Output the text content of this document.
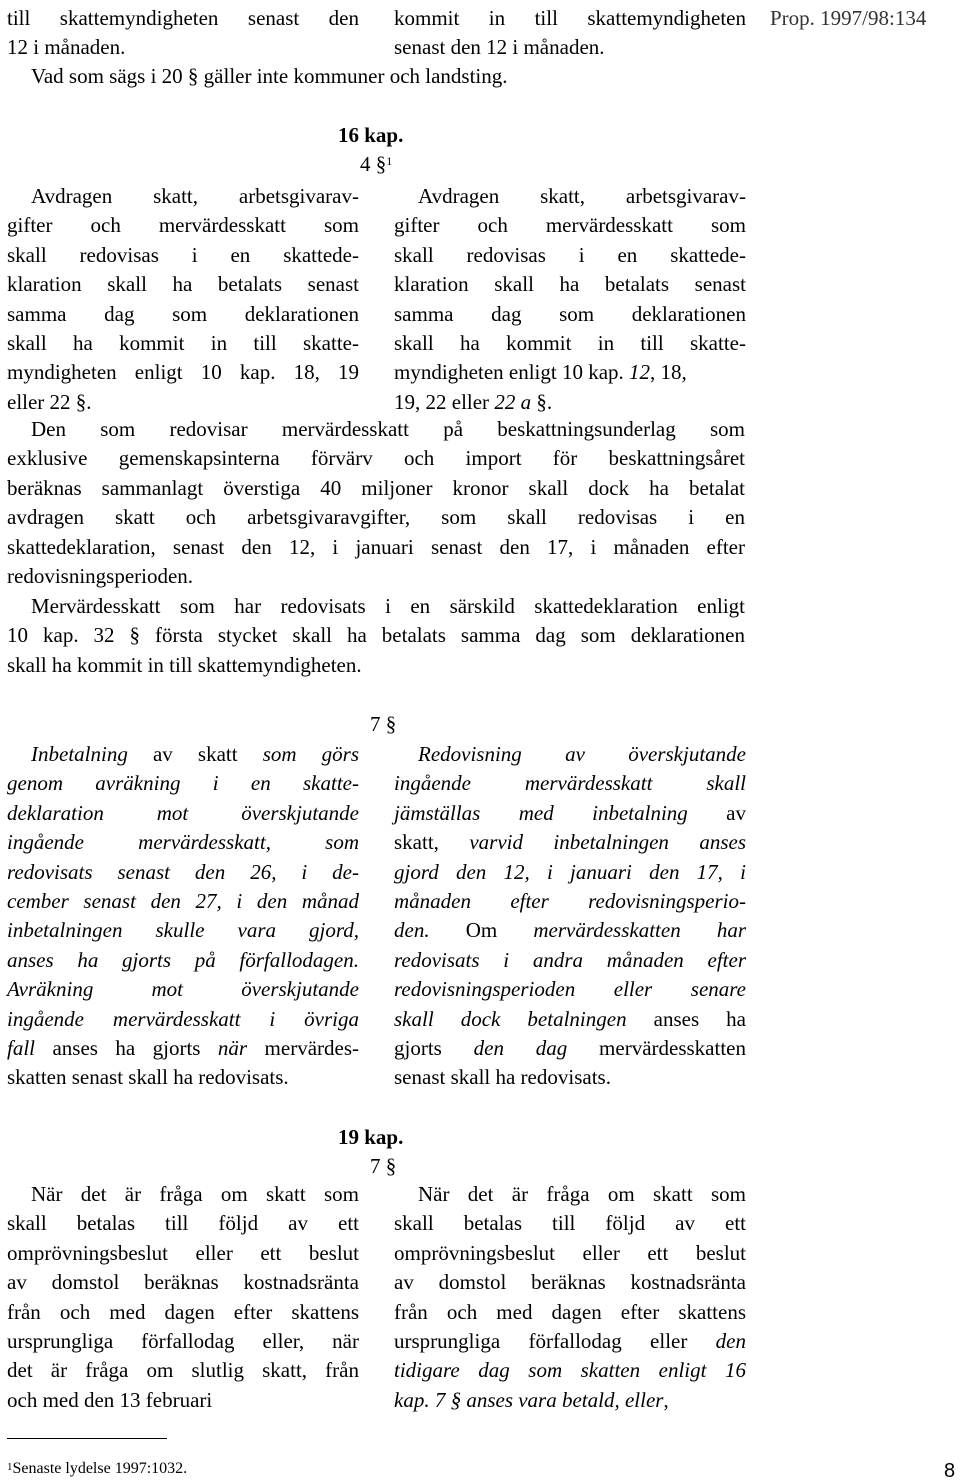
till skattemyndigheten senast den
12 i månaden.
kommit in till skattemyndigheten
senast den 12 i månaden.
Vad som sägs i 20 § gäller inte kommuner och landsting.
Prop. 1997/98:134
16 kap.
4 §$^1$
Avdragen skatt, arbetsgivarav-
gifter och mervärdesskatt som
skall redovisas i en skattede-
klaration skall ha betalats senast
samma dag som deklarationen
skall ha kommit in till skatte-
myndigheten enligt 10 kap. 18, 19
eller 22 §.
Avdragen skatt, arbetsgivarav-
gifter och mervärdesskatt som
skall redovisas i en skattede-
klaration skall ha betalats senast
samma dag som deklarationen
skall ha kommit in till skatte-
myndigheten enligt 10 kap. 12, 18,
19, 22 eller 22 a §.
Den som redovisar mervärdesskatt på beskattningsunderlag som
exklusive gemenskapsinterna förvärv och import för beskattningsåret
beräknas sammanlagt överstiga 40 miljoner kronor skall dock ha betalat
avdragen skatt och arbetsgivaravgifter, som skall redovisas i en
skattedeklaration, senast den 12, i januari senast den 17, i månaden efter
redovisningsperioden.
Mervärdesskatt som har redovisats i en särskild skattedeklaration enligt
10 kap. 32 § första stycket skall ha betalats samma dag som deklarationen
skall ha kommit in till skattemyndigheten.
7 §
Inbetalning av skatt som görs
genom avräkning i en skatte-
deklaration mot överskjutande
ingående mervärdesskatt, som
redovisats senast den 26, i de-
cember senast den 27, i den månad
inbetalningen skulle vara gjord,
anses ha gjorts på förfallodagen.
Avräkning mot överskjutande
ingående mervärdesskatt i övriga
fall anses ha gjorts när mervärdes-
skatten senast skall ha redovisats.
Redovisning av överskjutande
ingående mervärdesskatt skall
jämställas med inbetalning av
skatt, varvid inbetalningen anses
gjord den 12, i januari den 17, i
månaden efter redovisningsperio-
den. Om mervärdesskatten har
redovisats i andra månaden efter
redovisningsperioden eller senare
skall dock betalningen anses ha
gjorts den dag mervärdesskatten
senast skall ha redovisats.
19 kap.
7 §
När det är fråga om skatt som
skall betalas till följd av ett
omprövningsbeslut eller ett beslut
av domstol beräknas kostnadsränta
från och med dagen efter skattens
ursprungliga förfallodag eller, när
det är fråga om slutlig skatt, från
och med den 13 februari
När det är fråga om skatt som
skall betalas till följd av ett
omprövningsbeslut eller ett beslut
av domstol beräknas kostnadsränta
från och med dagen efter skattens
ursprungliga förfallodag eller den
tidigare dag som skatten enligt 16
kap. 7 § anses vara betald, eller,
$^1$Senaste lydelse 1997:1032.	8
